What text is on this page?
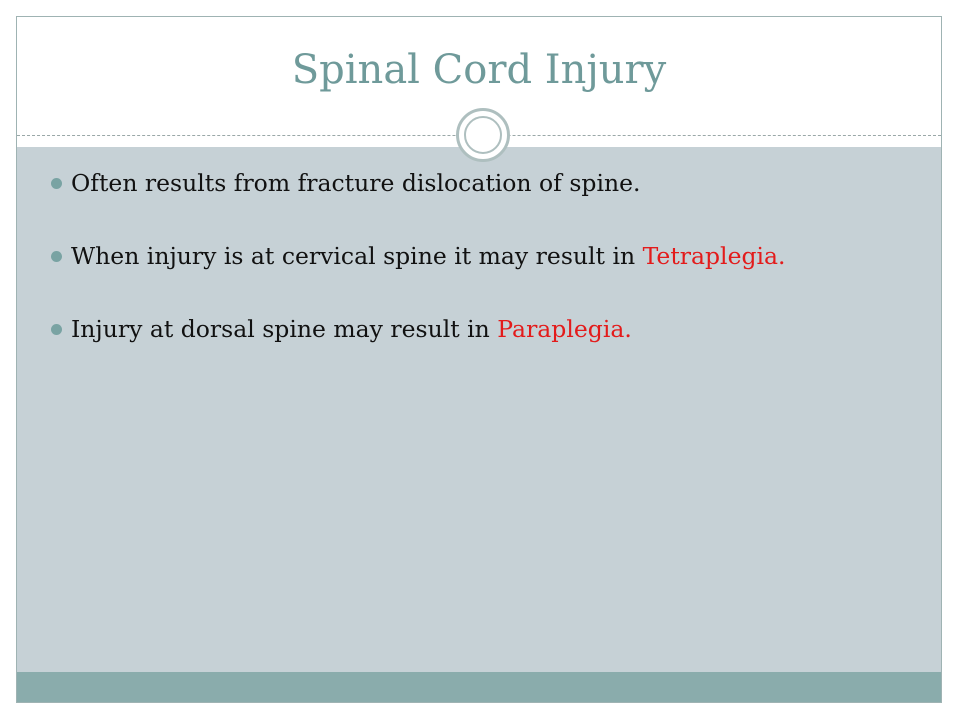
Spinal Cord Injury
Often results from fracture dislocation of spine.
When injury is at cervical spine it may result in Tetraplegia.
Injury at dorsal spine may result in Paraplegia.
